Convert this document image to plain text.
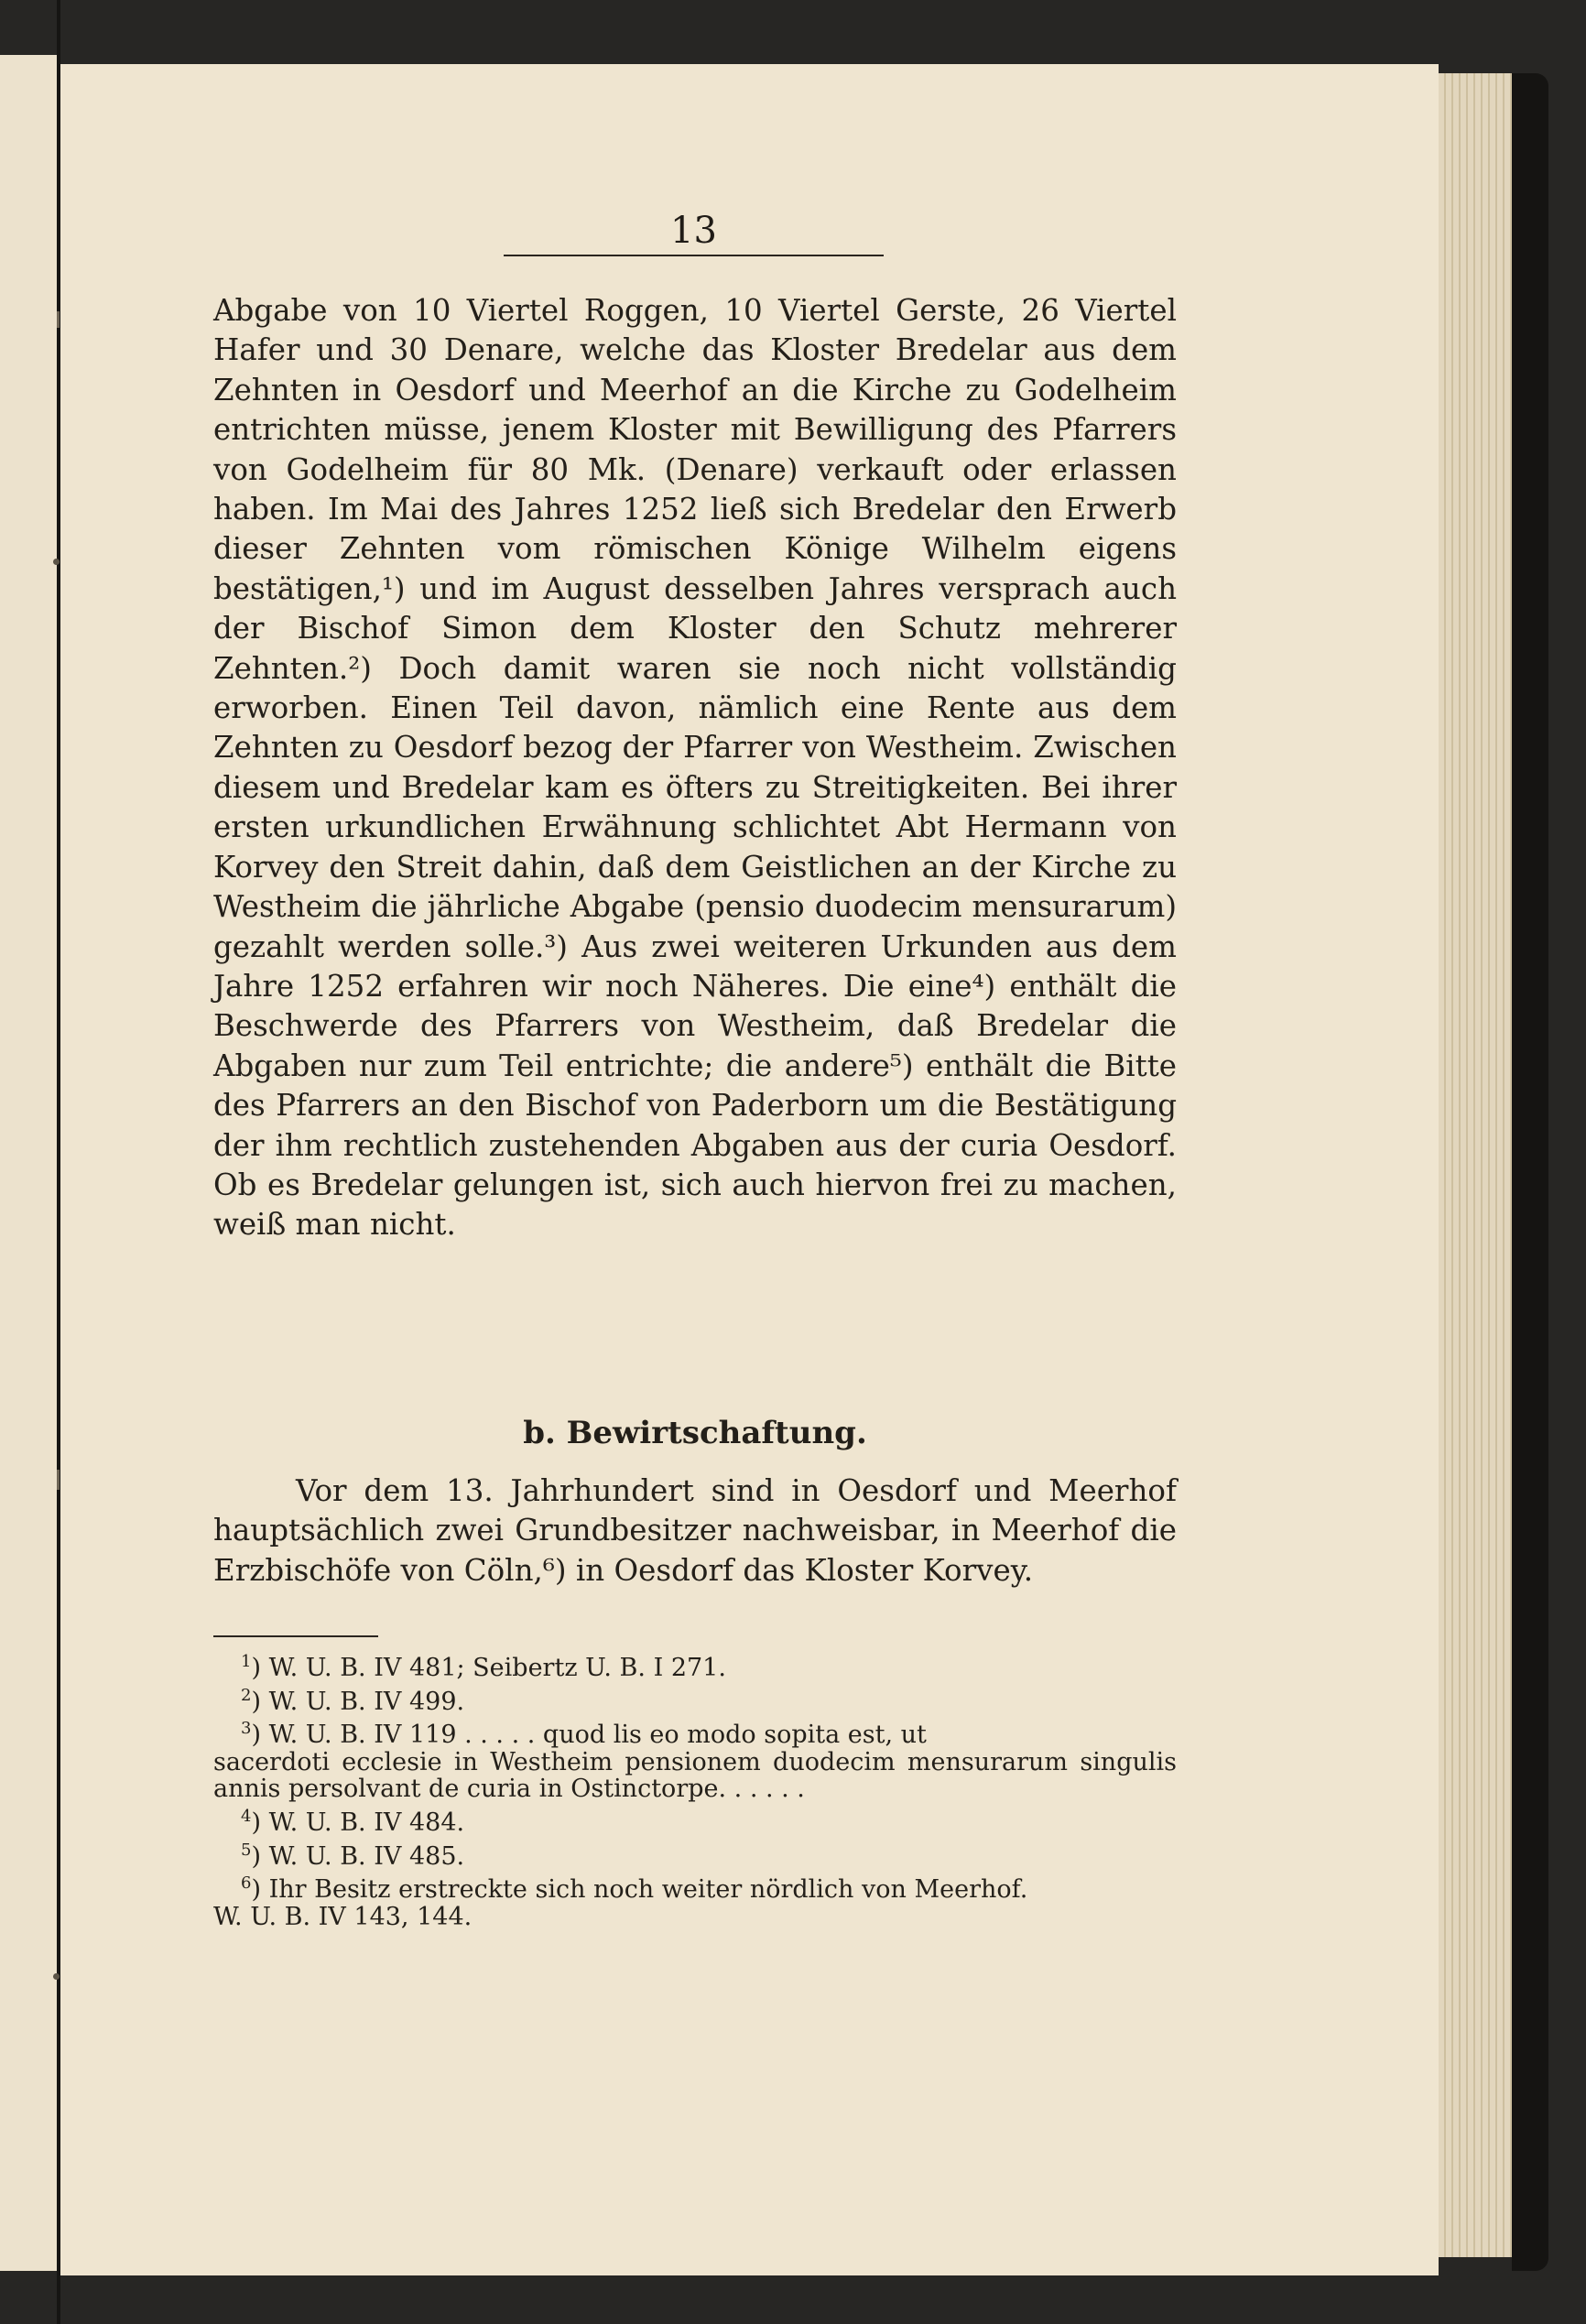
13

Abgabe von 10 Viertel Roggen, 10 Viertel Gerste, 26 Viertel Hafer und 30 Denare, welche das Kloster Bredelar aus dem Zehnten in Oesdorf und Meerhof an die Kirche zu Godelheim entrichten müsse, jenem Kloster mit Bewilligung des Pfarrers von Godelheim für 80 Mk. (Denare) verkauft oder erlassen haben. Im Mai des Jahres 1252 ließ sich Bredelar den Erwerb dieser Zehnten vom römischen Könige Wilhelm eigens bestätigen,¹) und im August desselben Jahres versprach auch der Bischof Simon dem Kloster den Schutz mehrerer Zehnten.²) Doch damit waren sie noch nicht vollständig erworben. Einen Teil davon, nämlich eine Rente aus dem Zehnten zu Oesdorf bezog der Pfarrer von Westheim. Zwischen diesem und Bredelar kam es öfters zu Streitigkeiten. Bei ihrer ersten urkundlichen Erwähnung schlichtet Abt Hermann von Korvey den Streit dahin, daß dem Geistlichen an der Kirche zu Westheim die jährliche Abgabe (pensio duodecim mensurarum) gezahlt werden solle.³) Aus zwei weiteren Urkunden aus dem Jahre 1252 erfahren wir noch Näheres. Die eine⁴) enthält die Beschwerde des Pfarrers von Westheim, daß Bredelar die Abgaben nur zum Teil entrichte; die andere⁵) enthält die Bitte des Pfarrers an den Bischof von Paderborn um die Bestätigung der ihm rechtlich zustehenden Abgaben aus der curia Oesdorf. Ob es Bredelar gelungen ist, sich auch hiervon frei zu machen, weiß man nicht.

b. Bewirtschaftung.

Vor dem 13. Jahrhundert sind in Oesdorf und Meerhof hauptsächlich zwei Grundbesitzer nachweisbar, in Meerhof die Erzbischöfe von Cöln,⁶) in Oesdorf das Kloster Korvey.

$^1$) W. U. B. IV 481; Seibertz U. B. I 271.

$^2$) W. U. B. IV 499.

$^3$) W. U. B. IV 119 . . . . . quod lis eo modo sopita est, ut

sacerdoti ecclesie in Westheim pensionem duodecim mensurarum singulis annis persolvant de curia in Ostinctorpe. . . . . .

$^4$) W. U. B. IV 484.

$^5$) W. U. B. IV 485.

$^6$) Ihr Besitz erstreckte sich noch weiter nördlich von Meerhof.

W. U. B. IV 143, 144.
